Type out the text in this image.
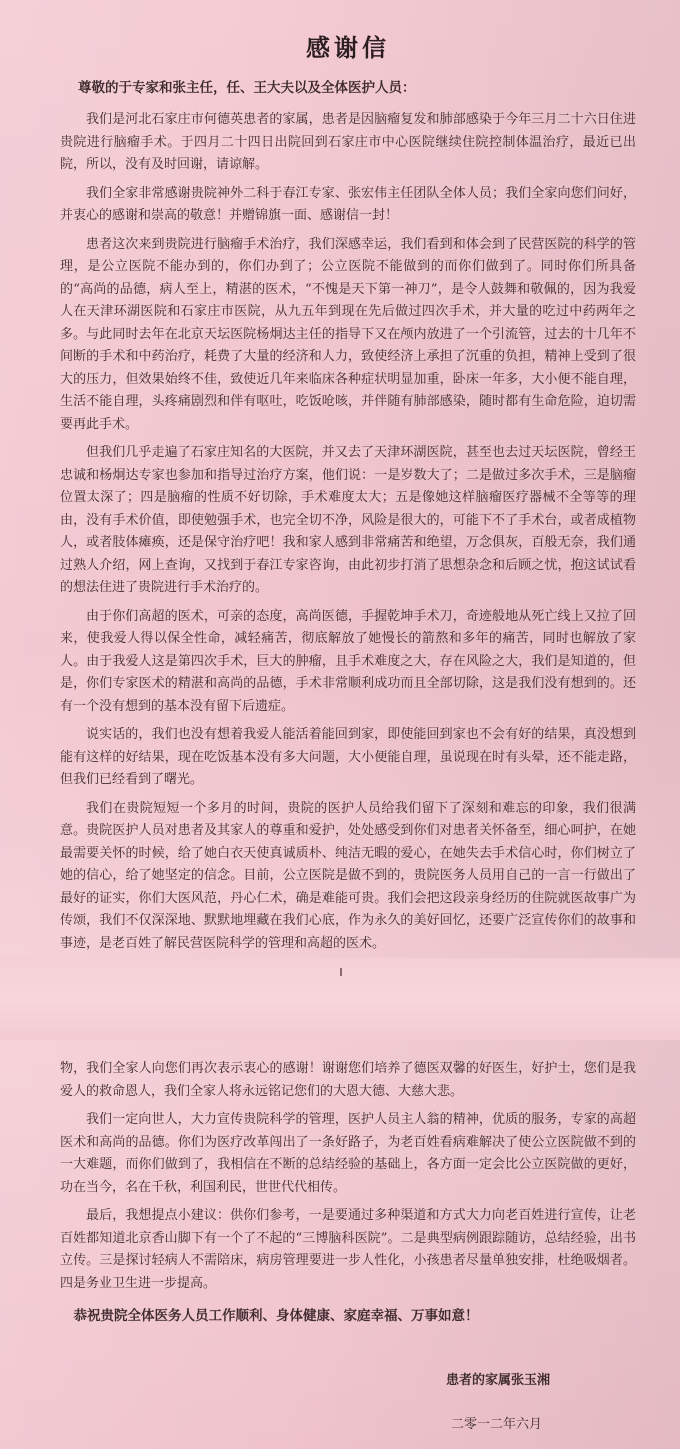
感谢信
尊敬的于专家和张主任，任、王大夫以及全体医护人员：

我们是河北石家庄市何德英患者的家属，患者是因脑瘤复发和肺部感染于今年三月二十六日住进贵院进行脑瘤手术。于四月二十四日出院回到石家庄市中心医院继续住院控制体温治疗，最近已出院，所以，没有及时回谢，请谅解。

我们全家非常感谢贵院神外二科于春江专家、张宏伟主任团队全体人员；我们全家向您们问好，并衷心的感谢和崇高的敬意！并赠锦旗一面、感谢信一封！

患者这次来到贵院进行脑瘤手术治疗，我们深感幸运，我们看到和体会到了民营医院的科学的管理，是公立医院不能办到的，你们办到了；公立医院不能做到的而你们做到了。同时你们所具备的“高尚的品德，病人至上，精湛的医术，“不愧是天下第一神刀”，是令人鼓舞和敬佩的，因为我爱人在天津环湖医院和石家庄市医院，从九五年到现在先后做过四次手术，并大量的吃过中药两年之多。与此同时去年在北京天坛医院杨炯达主任的指导下又在颅内放进了一个引流管，过去的十几年不间断的手术和中药治疗，耗费了大量的经济和人力，致使经济上承担了沉重的负担，精神上受到了很大的压力，但效果始终不佳，致使近几年来临床各种症状明显加重，卧床一年多，大小便不能自理，生活不能自理，头疼痛剧烈和伴有呕吐，吃饭呛咳，并伴随有肺部感染，随时都有生命危险，迫切需要再此手术。

但我们几乎走遍了石家庄知名的大医院，并又去了天津环湖医院，甚至也去过天坛医院，曾经王忠诚和杨炯达专家也参加和指导过治疗方案，他们说：一是岁数大了；二是做过多次手术，三是脑瘤位置太深了；四是脑瘤的性质不好切除，手术难度太大；五是像她这样脑瘤医疗器械不全等等的理由，没有手术价值，即使勉强手术，也完全切不净，风险是很大的，可能下不了手术台，或者成植物人，或者肢体瘫痪，还是保守治疗吧！我和家人感到非常痛苦和绝望，万念俱灰，百般无奈，我们通过熟人介绍，网上查询，又找到于春江专家咨询，由此初步打消了思想杂念和后顾之忧，抱这试试看的想法住进了贵院进行手术治疗的。

由于你们高超的医术，可亲的态度，高尚医德，手握乾坤手术刀，奇迹般地从死亡线上又拉了回来，使我爱人得以保全性命，减轻痛苦，彻底解放了她慢长的箭熬和多年的痛苦，同时也解放了家人。由于我爱人这是第四次手术，巨大的肿瘤，且手术难度之大，存在风险之大，我们是知道的，但是，你们专家医术的精湛和高尚的品德，手术非常顺利成功而且全部切除，这是我们没有想到的。还有一个没有想到的基本没有留下后遗症。

说实话的，我们也没有想着我爱人能活着能回到家，即使能回到家也不会有好的结果，真没想到能有这样的好结果，现在吃饭基本没有多大问题，大小便能自理，虽说现在时有头晕，还不能走路，但我们已经看到了曙光。

我们在贵院短短一个多月的时间，贵院的医护人员给我们留下了深刻和难忘的印象，我们很满意。贵院医护人员对患者及其家人的尊重和爱护，处处感受到你们对患者关怀备至，细心呵护，在她最需要关怀的时候，给了她白衣天使真诚质朴、纯洁无暇的爱心，在她失去手术信心时，你们树立了她的信心，给了她坚定的信念。目前，公立医院是做不到的，贵院医务人员用自己的一言一行做出了最好的证实，你们大医风范，丹心仁术，确是难能可贵。我们会把这段亲身经历的住院就医故事广为传颂，我们不仅深深地、默默地埋藏在我们心底，作为永久的美好回忆，还要广泛宣传你们的故事和事迹，是老百姓了解民营医院科学的管理和高超的医术。

物，我们全家人向您们再次表示衷心的感谢！谢谢您们培养了德医双馨的好医生，好护士，您们是我爱人的救命恩人，我们全家人将永远铭记您们的大恩大德、大慈大悲。

我们一定向世人，大力宣传贵院科学的管理，医护人员主人翁的精神，优质的服务，专家的高超医术和高尚的品德。你们为医疗改革闯出了一条好路子，为老百姓看病难解决了使公立医院做不到的一大难题，而你们做到了，我相信在不断的总结经验的基础上，各方面一定会比公立医院做的更好，功在当今，名在千秋，利国利民，世世代代相传。

最后，我想提点小建议：供你们参考，一是要通过多种渠道和方式大力向老百姓进行宣传，让老百姓都知道北京香山脚下有一个了不起的“三博脑科医院”。二是典型病例跟踪随访，总结经验，出书立传。三是探讨轻病人不需陪床，病房管理要进一步人性化，小孩患者尽量单独安排，杜绝吸烟者。四是务业卫生进一步提高。

恭祝贵院全体医务人员工作顺利、身体健康、家庭幸福、万事如意！
患者的家属张玉湘
二零一二年六月
